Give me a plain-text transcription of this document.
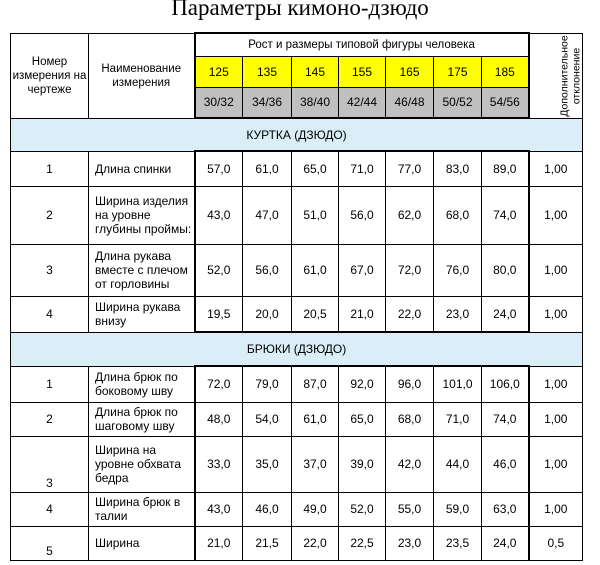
Параметры кимоно-дзюдо
Номер измерения на чертеже	Наименование измерения	Рост и размеры типовой фигуры человека							Дополнительное
отклонение
		125	135	145	155	165	175	185	
		30/32	34/36	38/40	42/44	46/48	50/52	54/56	
КУРТКА (ДЗЮДО)									
1	Длина спинки	57,0	61,0	65,0	71,0	77,0	83,0	89,0	1,00
2	Ширина изделия на уровне глубины проймы:	43,0	47,0	51,0	56,0	62,0	68,0	74,0	1,00
3	Длина рукава вместе с плечом от горловины	52,0	56,0	61,0	67,0	72,0	76,0	80,0	1,00
4	Ширина рукава внизу	19,5	20,0	20,5	21,0	22,0	23,0	24,0	1,00
БРЮКИ (ДЗЮДО)									
1	Длина брюк по боковому шву	72,0	79,0	87,0	92,0	96,0	101,0	106,0	1,00
2	Длина брюк по шаговому шву	48,0	54,0	61,0	65,0	68,0	71,0	74,0	1,00
3	Ширина на уровне обхвата бедра	33,0	35,0	37,0	39,0	42,0	44,0	46,0	1,00
4	Ширина брюк в талии	43,0	46,0	49,0	52,0	55,0	59,0	63,0	1,00
5	Ширина	21,0	21,5	22,0	22,5	23,0	23,5	24,0	0,5
